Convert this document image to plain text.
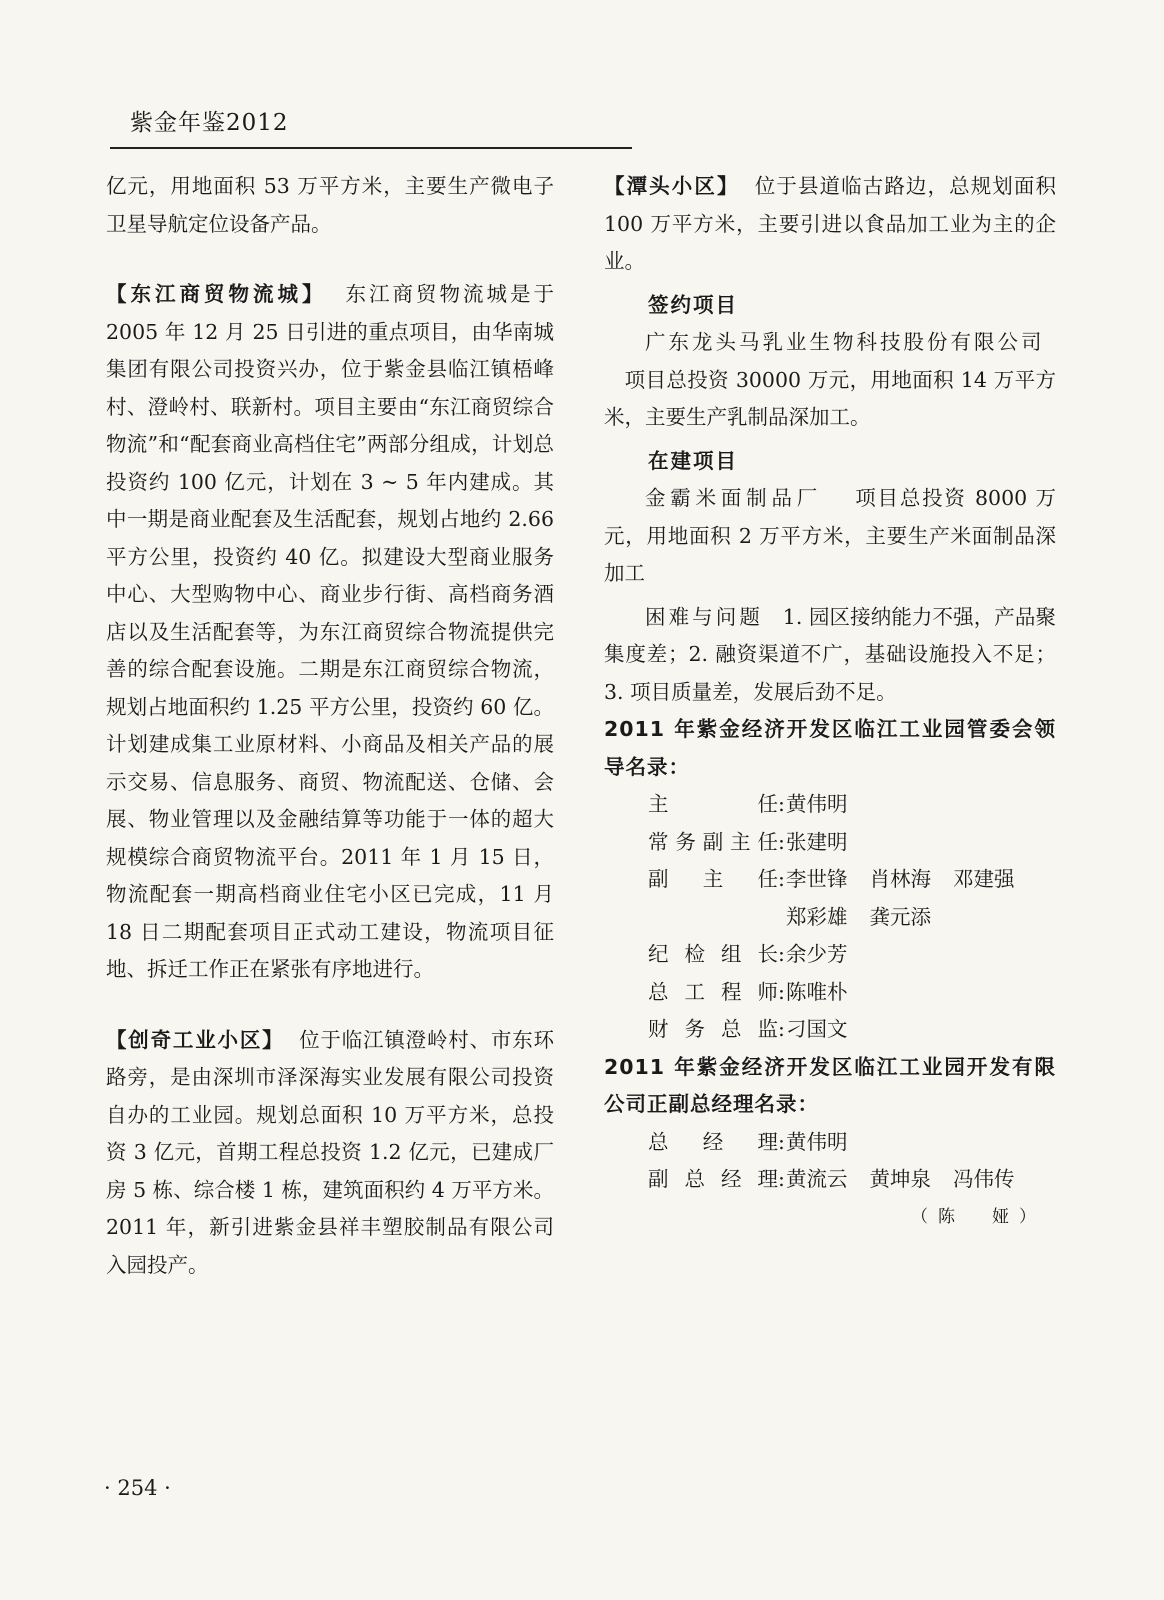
紫金年鉴2012

亿元，用地面积 53 万平方米，主要生产微电子卫星导航定位设备产品。

【东江商贸物流城】 东江商贸物流城是于 2005 年 12 月 25 日引进的重点项目，由华南城集团有限公司投资兴办，位于紫金县临江镇梧峰村、澄岭村、联新村。项目主要由“东江商贸综合物流”和“配套商业高档住宅”两部分组成，计划总投资约 100 亿元，计划在 3 ~ 5 年内建成。其中一期是商业配套及生活配套，规划占地约 2.66 平方公里，投资约 40 亿。拟建设大型商业服务中心、大型购物中心、商业步行街、高档商务酒店以及生活配套等，为东江商贸综合物流提供完善的综合配套设施。二期是东江商贸综合物流，规划占地面积约 1.25 平方公里，投资约 60 亿。计划建成集工业原材料、小商品及相关产品的展示交易、信息服务、商贸、物流配送、仓储、会展、物业管理以及金融结算等功能于一体的超大规模综合商贸物流平台。2011 年 1 月 15 日，物流配套一期高档商业住宅小区已完成，11 月 18 日二期配套项目正式动工建设，物流项目征地、拆迁工作正在紧张有序地进行。

【创奇工业小区】 位于临江镇澄岭村、市东环路旁，是由深圳市泽深海实业发展有限公司投资自办的工业园。规划总面积 10 万平方米，总投资 3 亿元，首期工程总投资 1.2 亿元，已建成厂房 5 栋、综合楼 1 栋，建筑面积约 4 万平方米。2011 年，新引进紫金县祥丰塑胶制品有限公司入园投产。

【潭头小区】 位于县道临古路边，总规划面积 100 万平方米，主要引进以食品加工业为主的企业。

签约项目

广东龙头马乳业生物科技股份有限公司

项目总投资 30000 万元，用地面积 14 万平方米，主要生产乳制品深加工。

在建项目

金霸米面制品厂 项目总投资 8000 万元，用地面积 2 万平方米，主要生产米面制品深加工

困难与问题 1. 园区接纳能力不强，产品聚集度差；2. 融资渠道不广，基础设施投入不足；3. 项目质量差，发展后劲不足。

2011 年紫金经济开发区临江工业园管委会领导名录：

主	任 : 黄伟明
常 务 副 主 任 : 张建明
副 主 任 : 李世锋 肖林海 邓建强
郑彩雄 龚元添
纪 检 组 长 : 余少芳
总 工 程 师 : 陈唯朴
财 务 总 监 : 刁国文

2011 年紫金经济开发区临江工业园开发有限公司正副总经理名录：

总 经 理 : 黄伟明
副 总 经 理 : 黄流云 黄坤泉 冯伟传
（陈　娅）
· 254 ·
